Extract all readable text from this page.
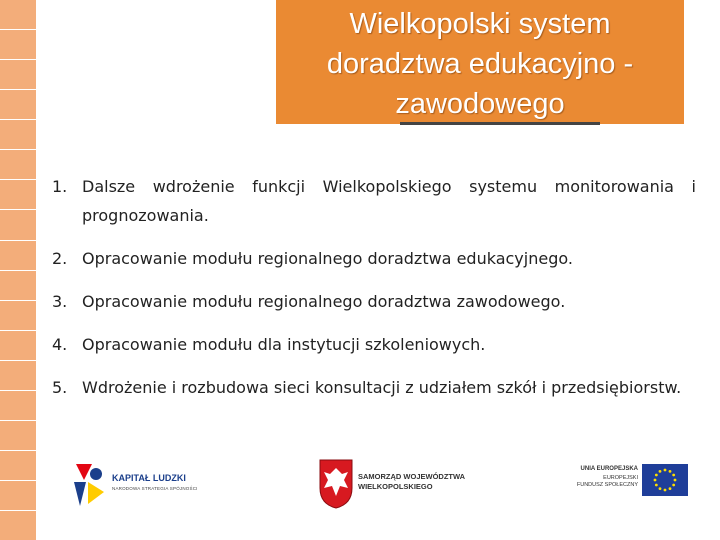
Wielkopolski system
doradztwa edukacyjno -
zawodowego
1. Dalsze wdrożenie funkcji Wielkopolskiego systemu monitorowania i prognozowania.
2. Opracowanie modułu regionalnego doradztwa edukacyjnego.
3. Opracowanie modułu regionalnego doradztwa zawodowego.
4. Opracowanie modułu dla instytucji szkoleniowych.
5. Wdrożenie i rozbudowa sieci konsultacji z udziałem szkół i przedsiębiorstw.
KAPITAŁ LUDZKI
NARODOWA STRATEGIA SPÓJNOŚCI
SAMORZĄD WOJEWÓDZTWA
WIELKOPOLSKIEGO
UNIA EUROPEJSKA
EUROPEJSKI
FUNDUSZ SPOŁECZNY
